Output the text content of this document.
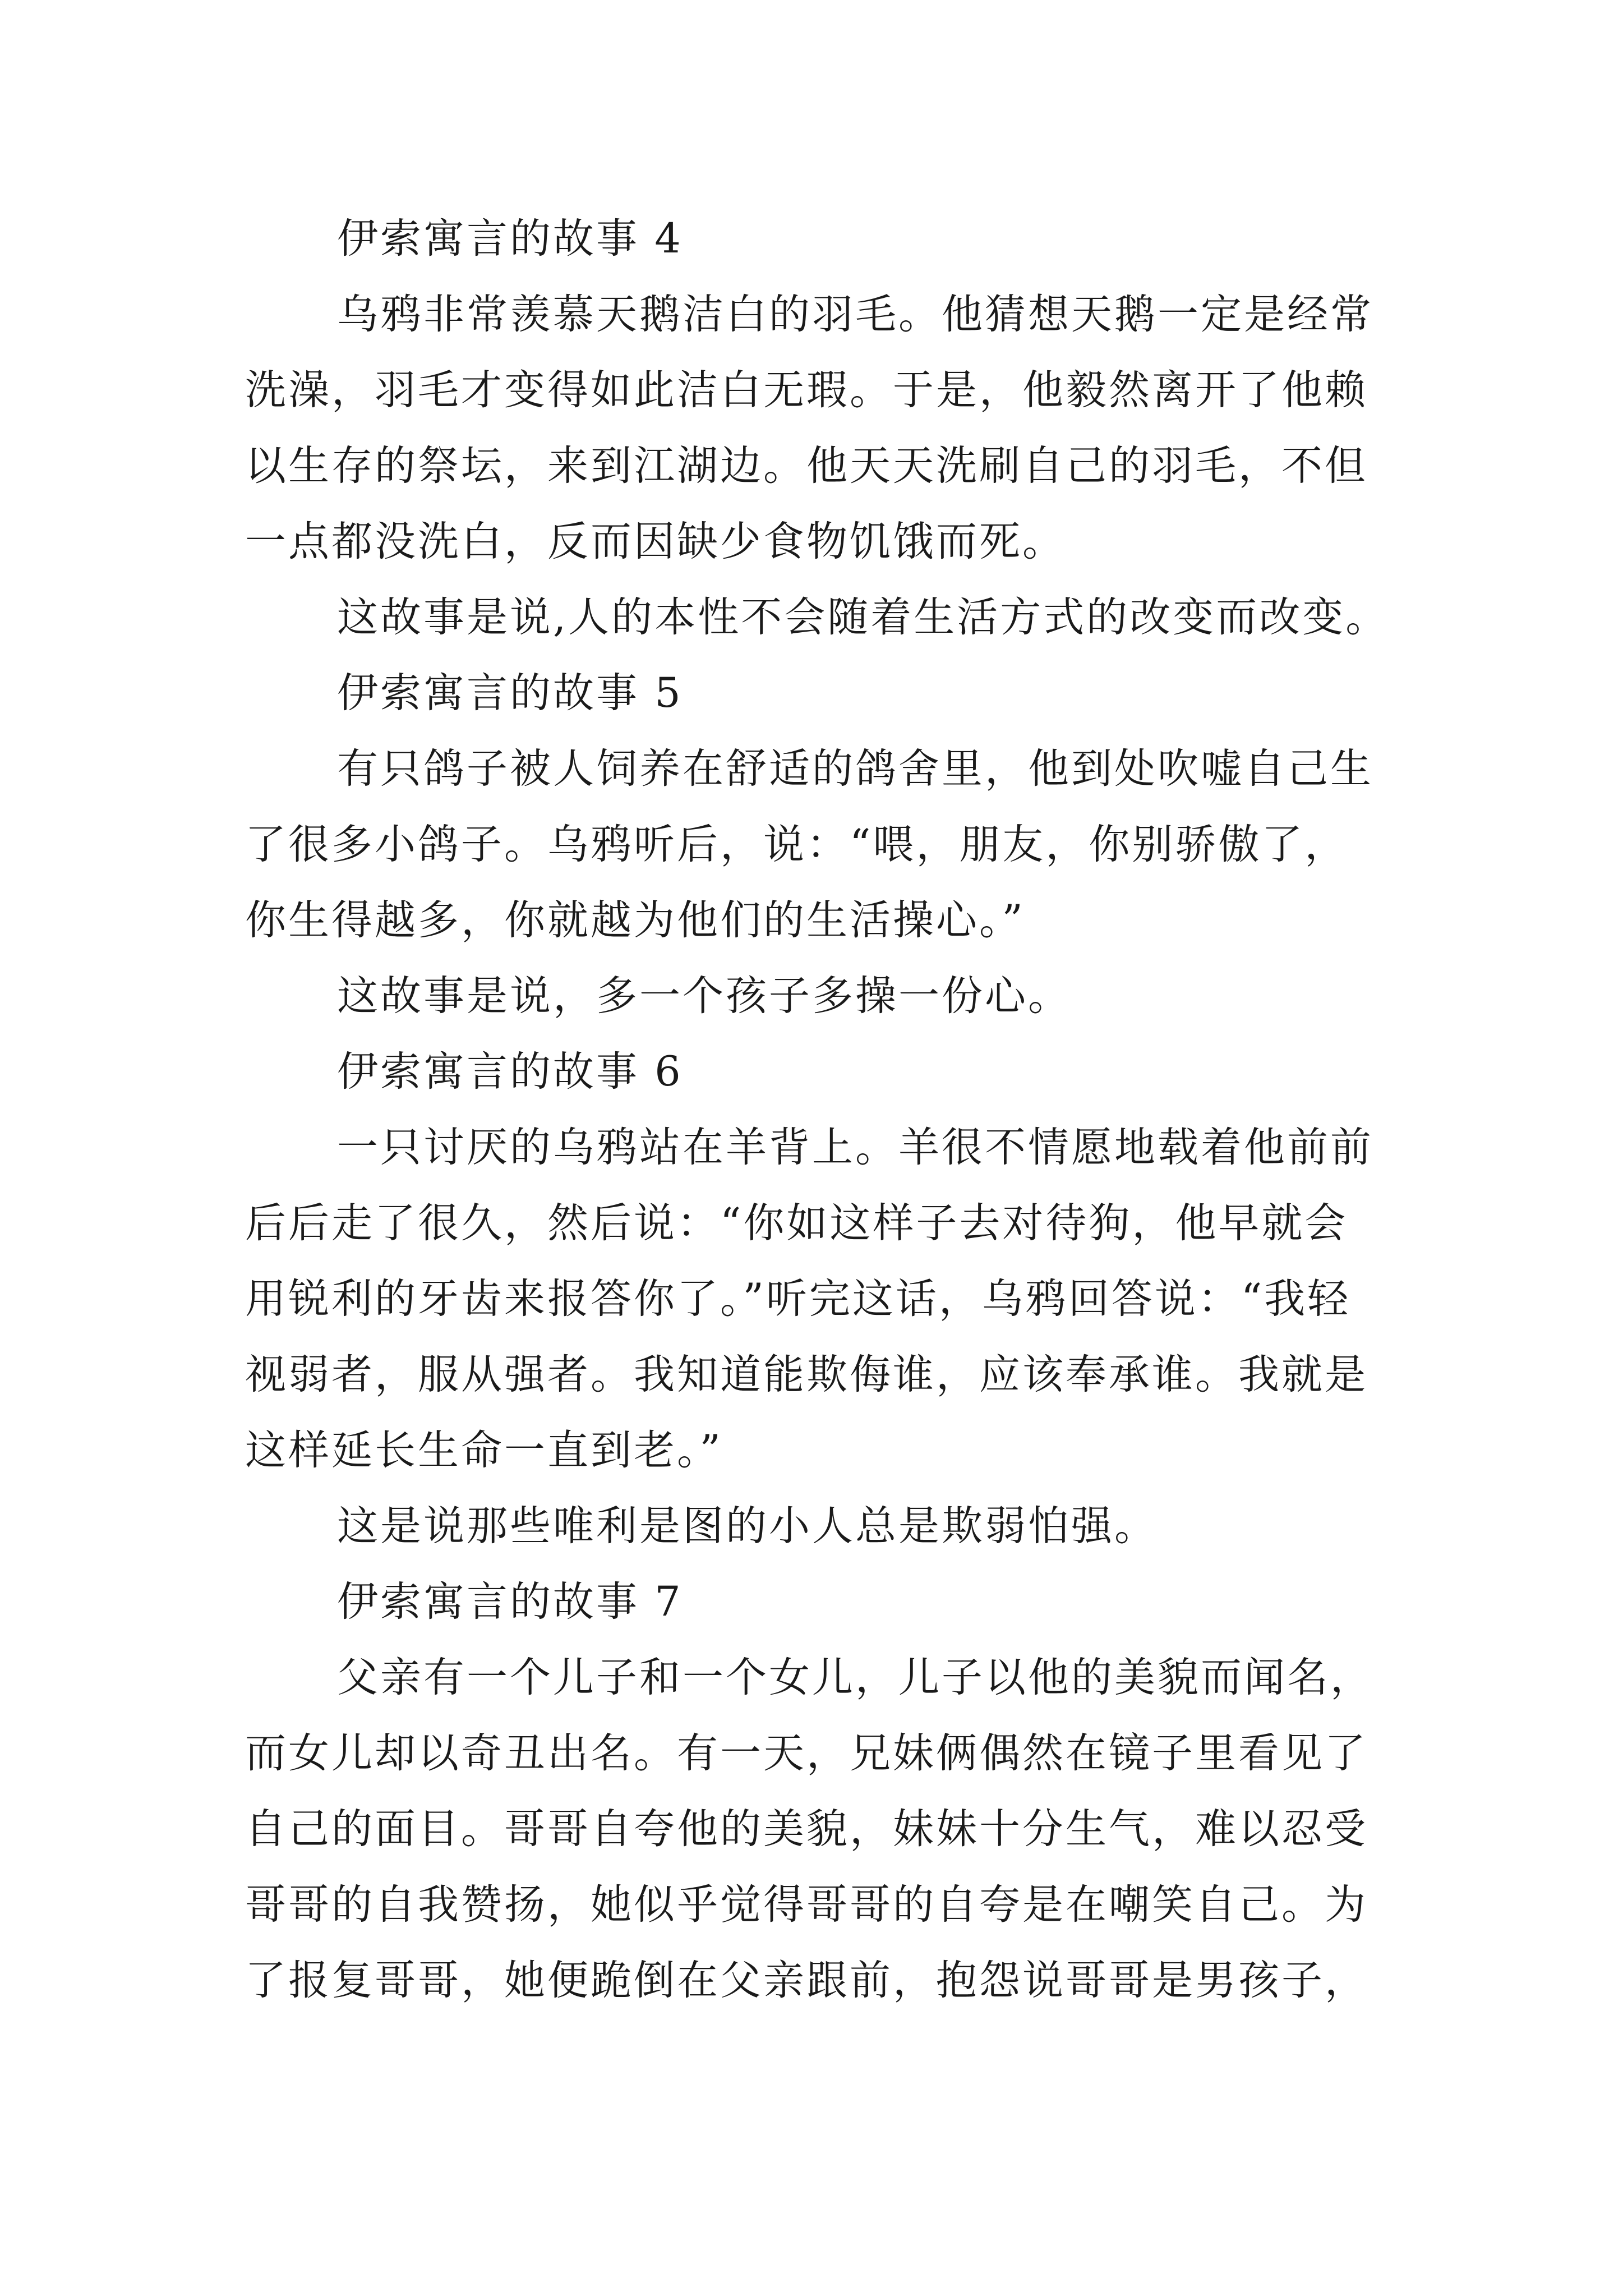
伊索寓言的故事 4
乌鸦非常羡慕天鹅洁白的羽毛。他猜想天鹅一定是经常
洗澡，羽毛才变得如此洁白无瑕。于是，他毅然离开了他赖
以生存的祭坛，来到江湖边。他天天洗刷自己的羽毛，不但
一点都没洗白，反而因缺少食物饥饿而死。
这故事是说,人的本性不会随着生活方式的改变而改变。
伊索寓言的故事 5
有只鸽子被人饲养在舒适的鸽舍里，他到处吹嘘自己生
了很多小鸽子。乌鸦听后，说：“喂，朋友，你别骄傲了，
你生得越多，你就越为他们的生活操心。”
这故事是说，多一个孩子多操一份心。
伊索寓言的故事 6
一只讨厌的乌鸦站在羊背上。羊很不情愿地载着他前前
后后走了很久，然后说：“你如这样子去对待狗，他早就会
用锐利的牙齿来报答你了。”听完这话，乌鸦回答说：“我轻
视弱者，服从强者。我知道能欺侮谁，应该奉承谁。我就是
这样延长生命一直到老。”
这是说那些唯利是图的小人总是欺弱怕强。
伊索寓言的故事 7
父亲有一个儿子和一个女儿，儿子以他的美貌而闻名，
而女儿却以奇丑出名。有一天，兄妹俩偶然在镜子里看见了
自己的面目。哥哥自夸他的美貌，妹妹十分生气，难以忍受
哥哥的自我赞扬，她似乎觉得哥哥的自夸是在嘲笑自己。为
了报复哥哥，她便跪倒在父亲跟前，抱怨说哥哥是男孩子，
